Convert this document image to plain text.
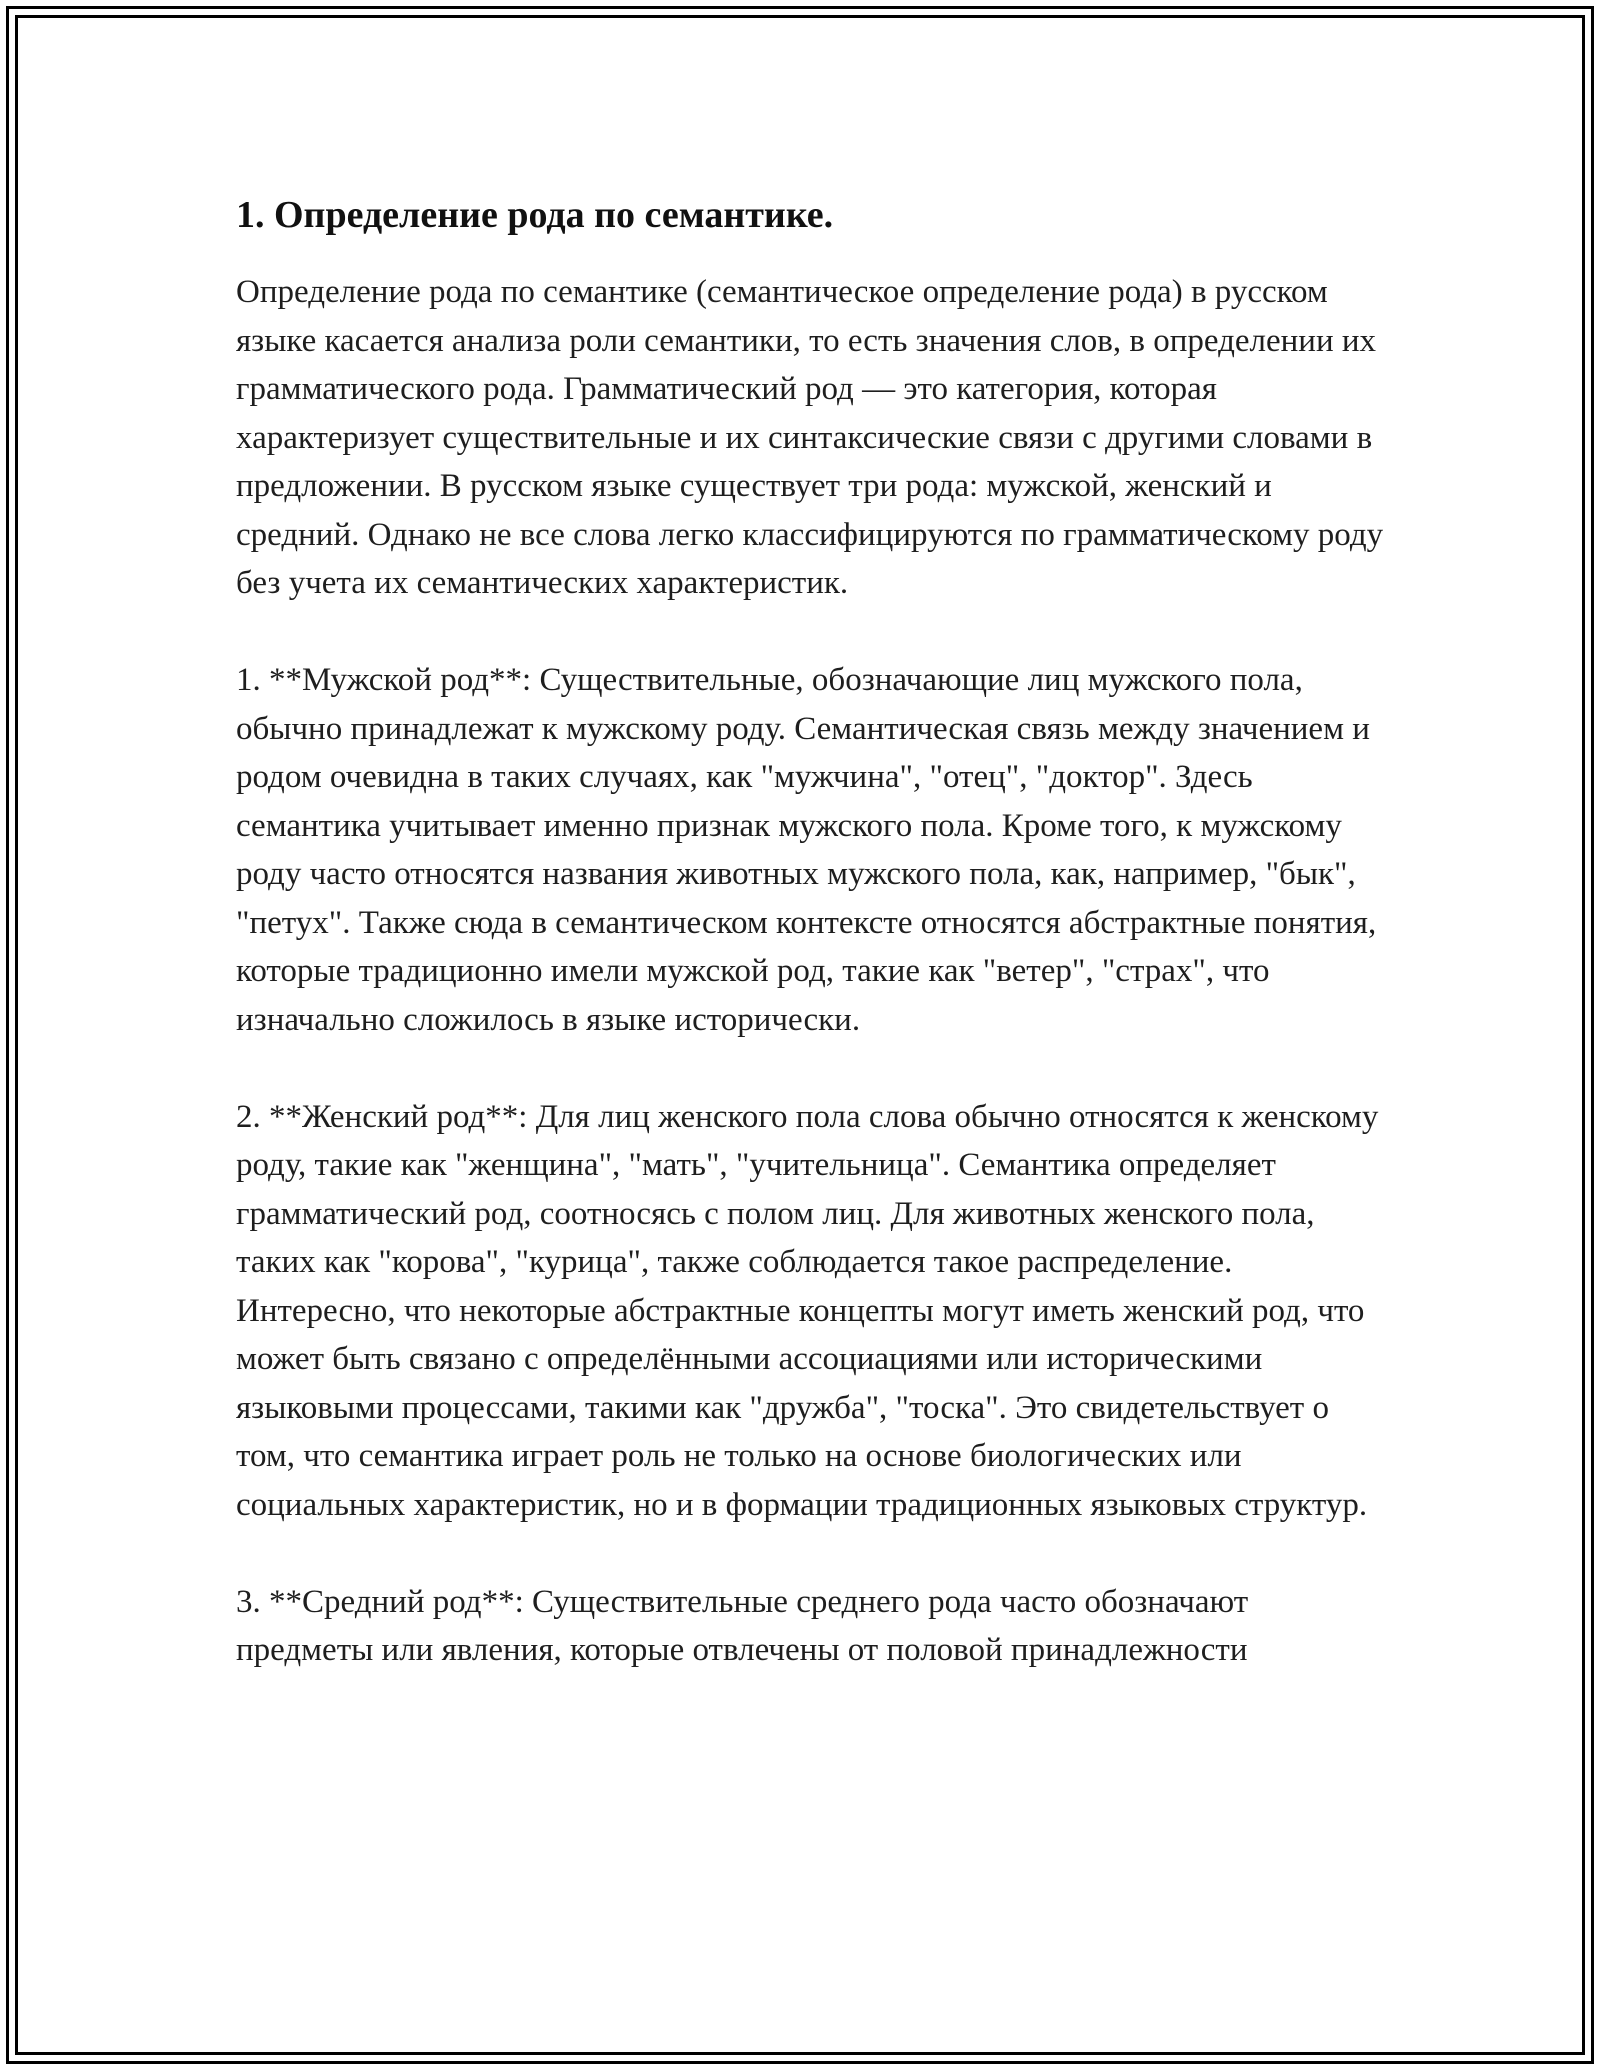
1. Определение рода по семантике.

Определение рода по семантике (семантическое определение рода) в русском языке касается анализа роли семантики, то есть значения слов, в определении их грамматического рода. Грамматический род — это категория, которая характеризует существительные и их синтаксические связи с другими словами в предложении. В русском языке существует три рода: мужской, женский и средний. Однако не все слова легко классифицируются по грамматическому роду без учета их семантических характеристик.

1. **Мужской род**: Существительные, обозначающие лиц мужского пола, обычно принадлежат к мужскому роду. Семантическая связь между значением и родом очевидна в таких случаях, как "мужчина", "отец", "доктор". Здесь семантика учитывает именно признак мужского пола. Кроме того, к мужскому роду часто относятся названия животных мужского пола, как, например, "бык", "петух". Также сюда в семантическом контексте относятся абстрактные понятия, которые традиционно имели мужской род, такие как "ветер", "страх", что изначально сложилось в языке исторически.

2. **Женский род**: Для лиц женского пола слова обычно относятся к женскому роду, такие как "женщина", "мать", "учительница". Семантика определяет грамматический род, соотносясь с полом лиц. Для животных женского пола, таких как "корова", "курица", также соблюдается такое распределение. Интересно, что некоторые абстрактные концепты могут иметь женский род, что может быть связано с определёнными ассоциациями или историческими языковыми процессами, такими как "дружба", "тоска". Это свидетельствует о том, что семантика играет роль не только на основе биологических или социальных характеристик, но и в формации традиционных языковых структур.

3. **Средний род**: Существительные среднего рода часто обозначают предметы или явления, которые отвлечены от половой принадлежности
